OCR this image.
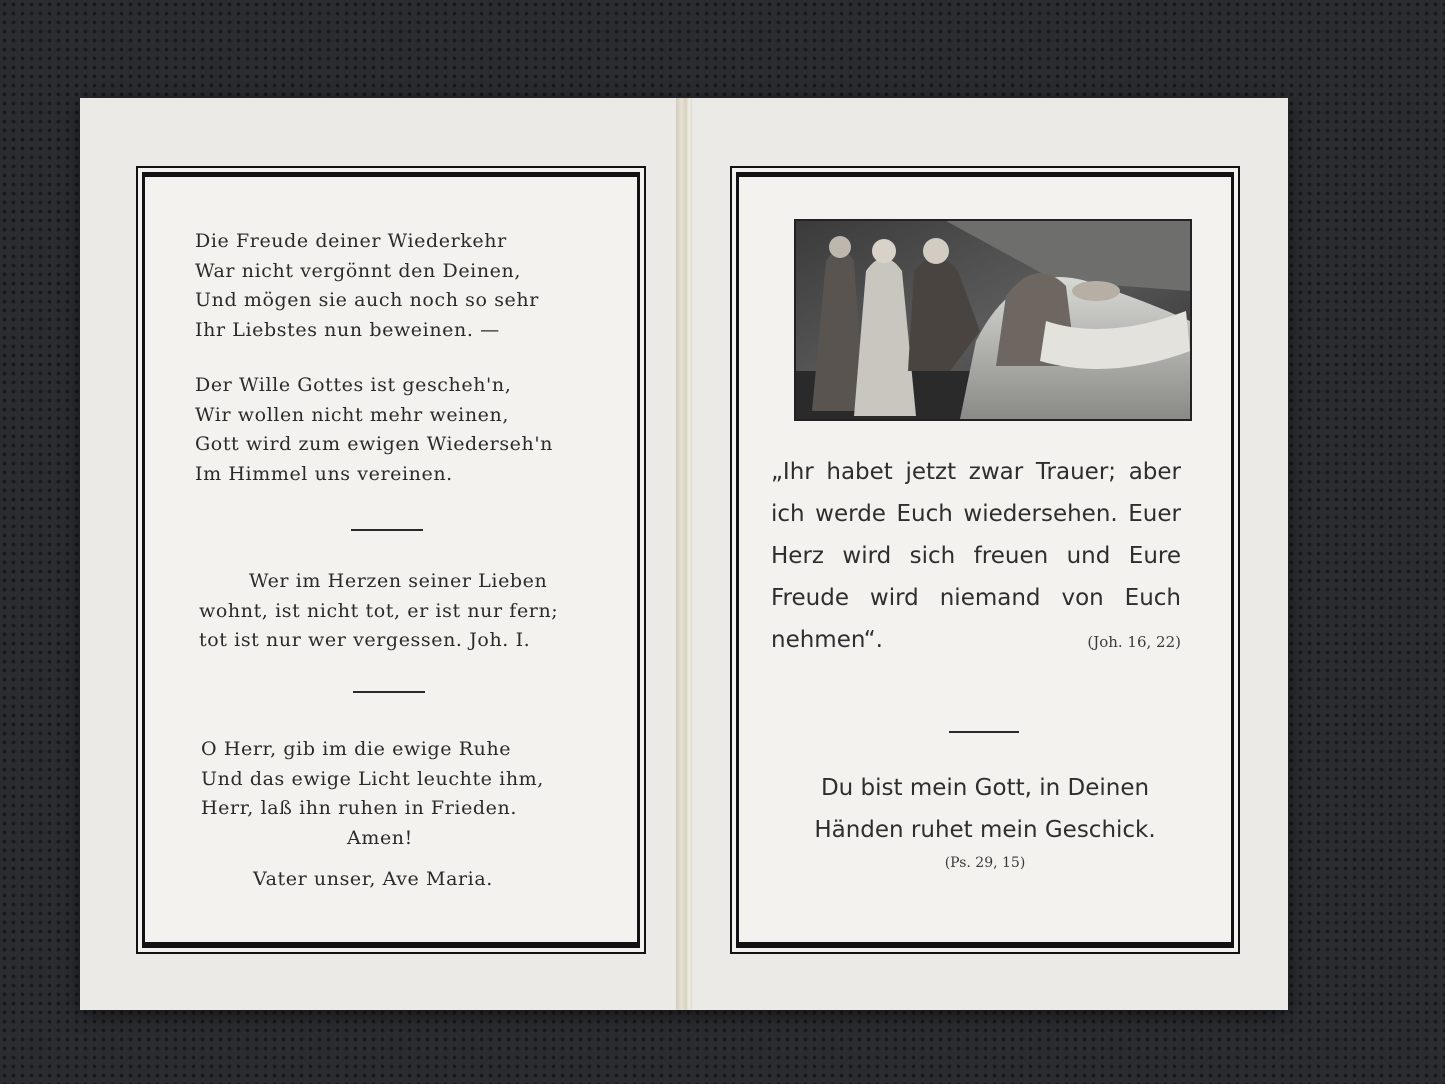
Die Freude deiner Wiederkehr
War nicht vergönnt den Deinen,
Und mögen sie auch noch so sehr
Ihr Liebstes nun beweinen. —
Der Wille Gottes ist gescheh'n,
Wir wollen nicht mehr weinen,
Gott wird zum ewigen Wiederseh'n
Im Himmel uns vereinen.
Wer im Herzen seiner Lieben
wohnt, ist nicht tot, er ist nur fern;
tot ist nur wer vergessen. Joh. I.
O Herr, gib im die ewige Ruhe
Und das ewige Licht leuchte ihm,
Herr, laß ihn ruhen in Frieden.
Amen!
Vater unser, Ave Maria.
„Ihr habet jetzt zwar Trauer; aber
ich werde Euch wiedersehen. Euer
Herz wird sich freuen und Eure
Freude wird niemand von Euch
nehmen“.	(Joh. 16, 22)
Du bist mein Gott, in Deinen
Händen ruhet mein Geschick.
(Ps. 29, 15)
